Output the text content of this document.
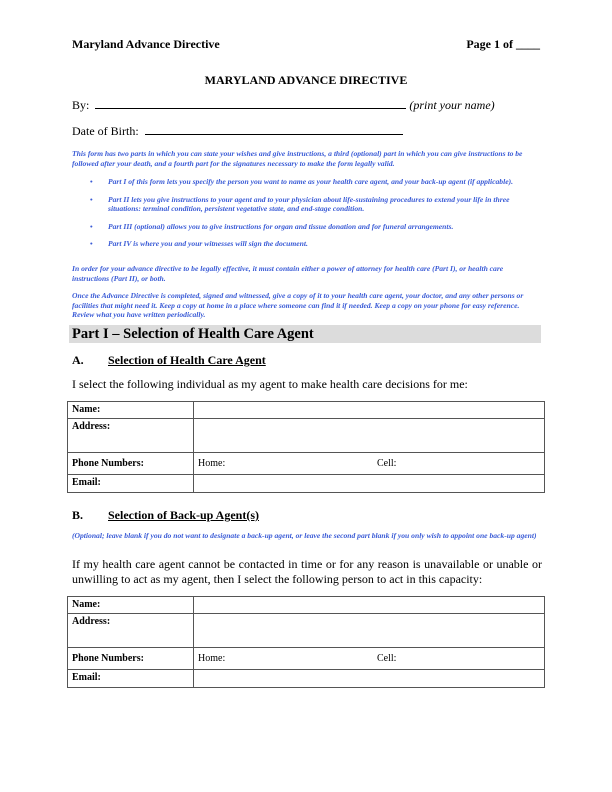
Maryland Advance Directive	Page 1 of ____
MARYLAND ADVANCE DIRECTIVE
By:	(print your name)
Date of Birth:

This form has two parts in which you can state your wishes and give instructions, a third (optional) part in which you can give instructions to be followed after your death, and a fourth part for the signatures necessary to make the form legally valid.

• Part I of this form lets you specify the person you want to name as your health care agent, and your back-up agent (if applicable).
• Part II lets you give instructions to your agent and to your physician about life-sustaining procedures to extend your life in three situations: terminal condition, persistent vegetative state, and end-stage condition.
• Part III (optional) allows you to give instructions for organ and tissue donation and for funeral arrangements.
• Part IV is where you and your witnesses will sign the document.

In order for your advance directive to be legally effective, it must contain either a power of attorney for health care (Part I), or health care instructions (Part II), or both.

Once the Advance Directive is completed, signed and witnessed, give a copy of it to your health care agent, your doctor, and any other persons or facilities that might need it. Keep a copy at home in a place where someone can find it if needed. Keep a copy on your phone for easy reference. Review what you have written periodically.

Part I – Selection of Health Care Agent
A. Selection of Health Care Agent

I select the following individual as my agent to make health care decisions for me:

Name:	
Address:	
Phone Numbers:	Home: Cell:
Email:	
B. Selection of Back-up Agent(s)

(Optional; leave blank if you do not want to designate a back-up agent, or leave the second part blank if you only wish to appoint one back-up agent)

If my health care agent cannot be contacted in time or for any reason is unavailable or unable or unwilling to act as my agent, then I select the following person to act in this capacity:

Name:	
Address:	
Phone Numbers:	Home: Cell:
Email:	
